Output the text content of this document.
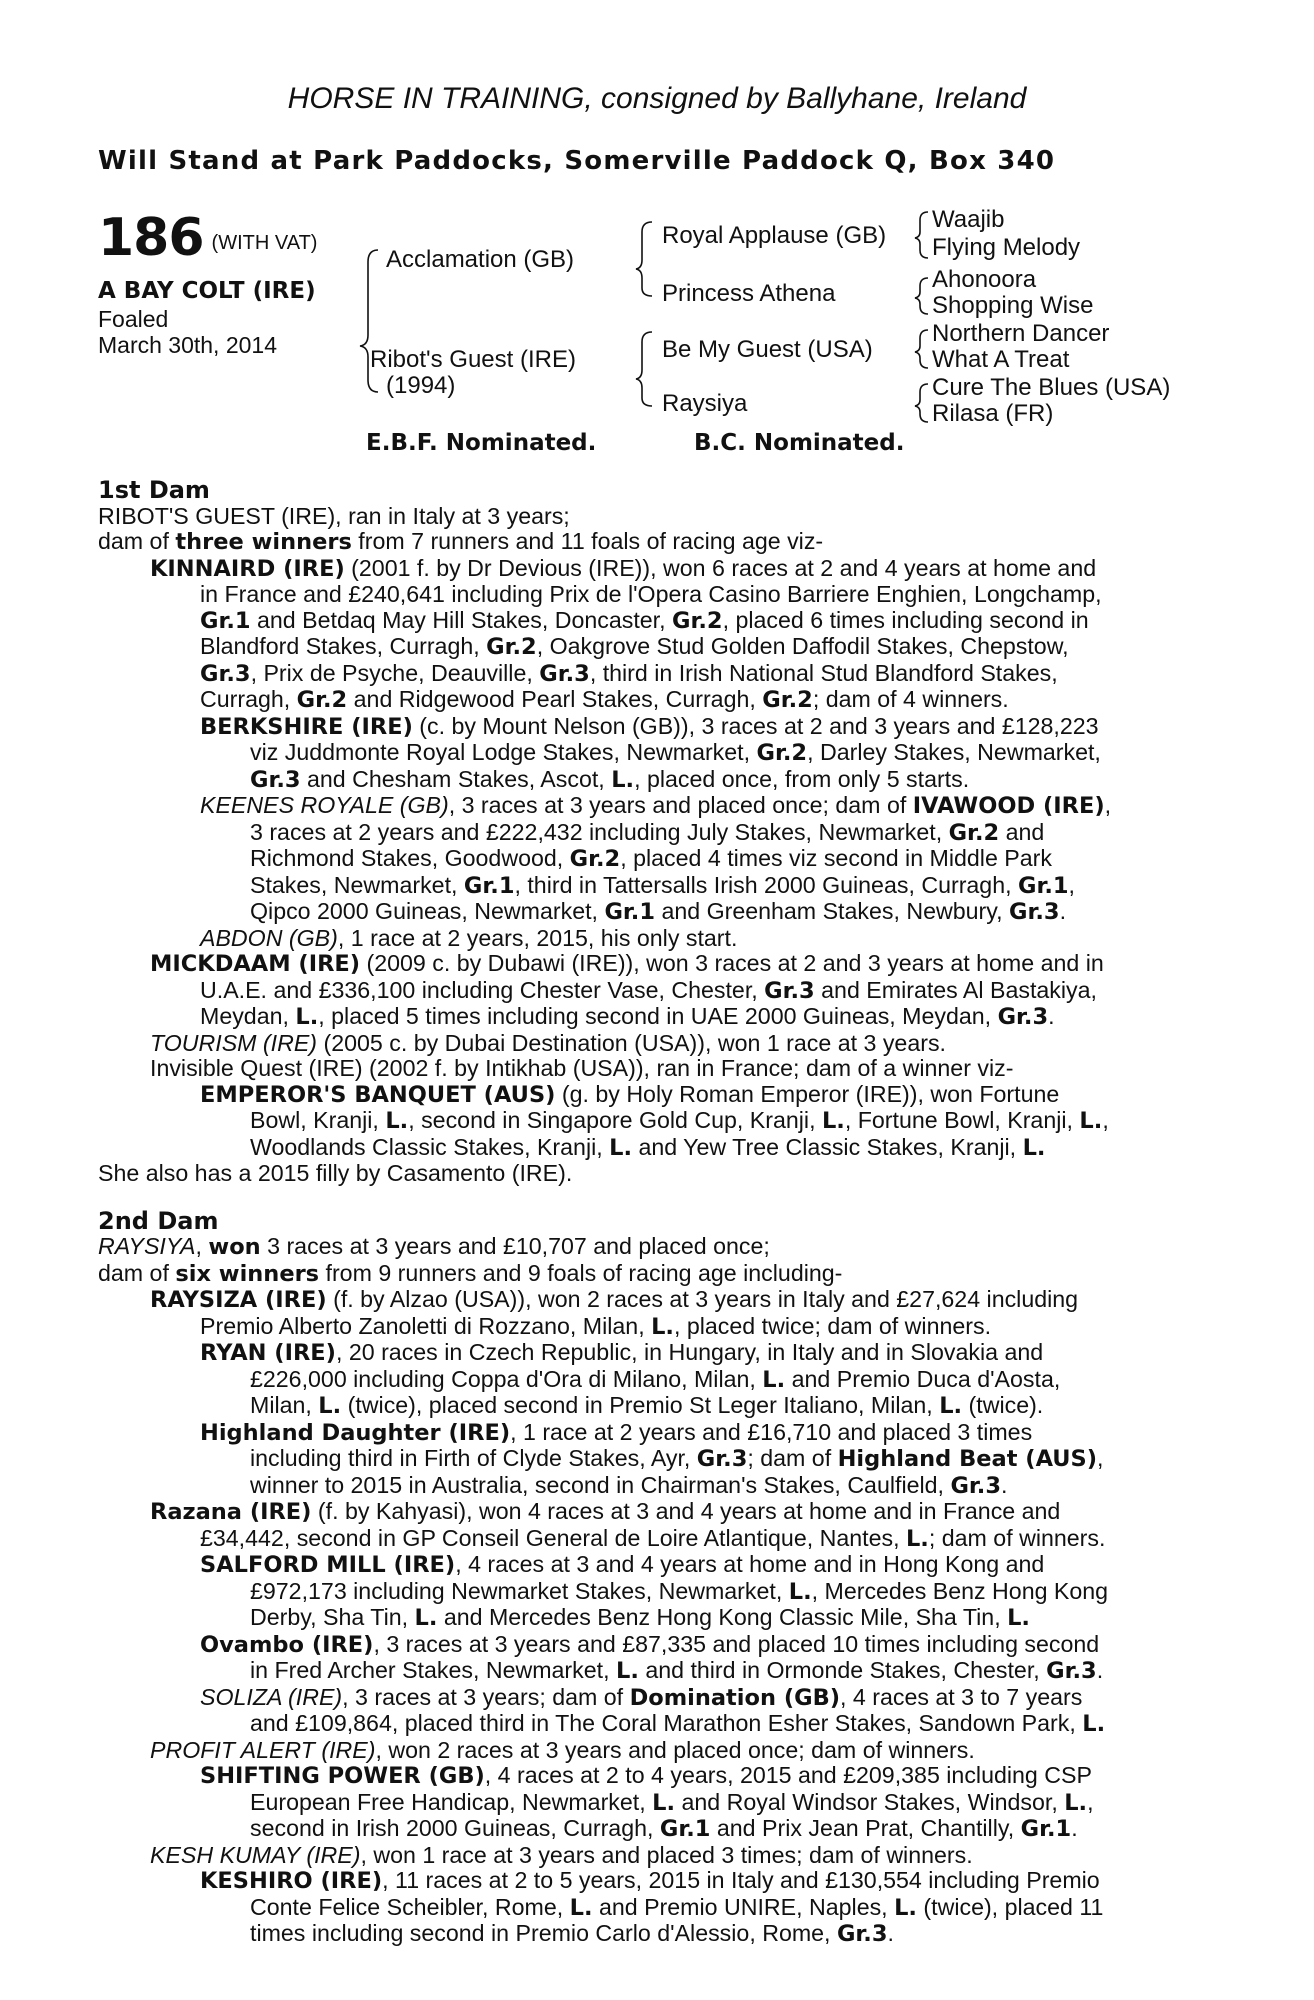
HORSE IN TRAINING, consigned by Ballyhane, Ireland
Will Stand at Park Paddocks, Somerville Paddock Q, Box 340
186 (WITH VAT)
A BAY COLT (IRE)
Foaled
March 30th, 2014
Acclamation (GB)
Ribot's Guest (IRE)
(1994)
Royal Applause (GB)
Princess Athena
Be My Guest (USA)
Raysiya
Waajib
Flying Melody
Ahonoora
Shopping Wise
Northern Dancer
What A Treat
Cure The Blues (USA)
Rilasa (FR)
E.B.F. Nominated.	B.C. Nominated.
1st Dam
RIBOT'S GUEST (IRE), ran in Italy at 3 years;
dam of three winners from 7 runners and 11 foals of racing age viz-
KINNAIRD (IRE) (2001 f. by Dr Devious (IRE)), won 6 races at 2 and 4 years at home and
in France and £240,641 including Prix de l'Opera Casino Barriere Enghien, Longchamp,
Gr.1 and Betdaq May Hill Stakes, Doncaster, Gr.2, placed 6 times including second in
Blandford Stakes, Curragh, Gr.2, Oakgrove Stud Golden Daffodil Stakes, Chepstow,
Gr.3, Prix de Psyche, Deauville, Gr.3, third in Irish National Stud Blandford Stakes,
Curragh, Gr.2 and Ridgewood Pearl Stakes, Curragh, Gr.2; dam of 4 winners.
BERKSHIRE (IRE) (c. by Mount Nelson (GB)), 3 races at 2 and 3 years and £128,223
viz Juddmonte Royal Lodge Stakes, Newmarket, Gr.2, Darley Stakes, Newmarket,
Gr.3 and Chesham Stakes, Ascot, L., placed once, from only 5 starts.
KEENES ROYALE (GB), 3 races at 3 years and placed once; dam of IVAWOOD (IRE),
3 races at 2 years and £222,432 including July Stakes, Newmarket, Gr.2 and
Richmond Stakes, Goodwood, Gr.2, placed 4 times viz second in Middle Park
Stakes, Newmarket, Gr.1, third in Tattersalls Irish 2000 Guineas, Curragh, Gr.1,
Qipco 2000 Guineas, Newmarket, Gr.1 and Greenham Stakes, Newbury, Gr.3.
ABDON (GB), 1 race at 2 years, 2015, his only start.
MICKDAAM (IRE) (2009 c. by Dubawi (IRE)), won 3 races at 2 and 3 years at home and in
U.A.E. and £336,100 including Chester Vase, Chester, Gr.3 and Emirates Al Bastakiya,
Meydan, L., placed 5 times including second in UAE 2000 Guineas, Meydan, Gr.3.
TOURISM (IRE) (2005 c. by Dubai Destination (USA)), won 1 race at 3 years.
Invisible Quest (IRE) (2002 f. by Intikhab (USA)), ran in France; dam of a winner viz-
EMPEROR'S BANQUET (AUS) (g. by Holy Roman Emperor (IRE)), won Fortune
Bowl, Kranji, L., second in Singapore Gold Cup, Kranji, L., Fortune Bowl, Kranji, L.,
Woodlands Classic Stakes, Kranji, L. and Yew Tree Classic Stakes, Kranji, L.
She also has a 2015 filly by Casamento (IRE).
2nd Dam
RAYSIYA, won 3 races at 3 years and £10,707 and placed once;
dam of six winners from 9 runners and 9 foals of racing age including-
RAYSIZA (IRE) (f. by Alzao (USA)), won 2 races at 3 years in Italy and £27,624 including
Premio Alberto Zanoletti di Rozzano, Milan, L., placed twice; dam of winners.
RYAN (IRE), 20 races in Czech Republic, in Hungary, in Italy and in Slovakia and
£226,000 including Coppa d'Ora di Milano, Milan, L. and Premio Duca d'Aosta,
Milan, L. (twice), placed second in Premio St Leger Italiano, Milan, L. (twice).
Highland Daughter (IRE), 1 race at 2 years and £16,710 and placed 3 times
including third in Firth of Clyde Stakes, Ayr, Gr.3; dam of Highland Beat (AUS),
winner to 2015 in Australia, second in Chairman's Stakes, Caulfield, Gr.3.
Razana (IRE) (f. by Kahyasi), won 4 races at 3 and 4 years at home and in France and
£34,442, second in GP Conseil General de Loire Atlantique, Nantes, L.; dam of winners.
SALFORD MILL (IRE), 4 races at 3 and 4 years at home and in Hong Kong and
£972,173 including Newmarket Stakes, Newmarket, L., Mercedes Benz Hong Kong
Derby, Sha Tin, L. and Mercedes Benz Hong Kong Classic Mile, Sha Tin, L.
Ovambo (IRE), 3 races at 3 years and £87,335 and placed 10 times including second
in Fred Archer Stakes, Newmarket, L. and third in Ormonde Stakes, Chester, Gr.3.
SOLIZA (IRE), 3 races at 3 years; dam of Domination (GB), 4 races at 3 to 7 years
and £109,864, placed third in The Coral Marathon Esher Stakes, Sandown Park, L.
PROFIT ALERT (IRE), won 2 races at 3 years and placed once; dam of winners.
SHIFTING POWER (GB), 4 races at 2 to 4 years, 2015 and £209,385 including CSP
European Free Handicap, Newmarket, L. and Royal Windsor Stakes, Windsor, L.,
second in Irish 2000 Guineas, Curragh, Gr.1 and Prix Jean Prat, Chantilly, Gr.1.
KESH KUMAY (IRE), won 1 race at 3 years and placed 3 times; dam of winners.
KESHIRO (IRE), 11 races at 2 to 5 years, 2015 in Italy and £130,554 including Premio
Conte Felice Scheibler, Rome, L. and Premio UNIRE, Naples, L. (twice), placed 11
times including second in Premio Carlo d'Alessio, Rome, Gr.3.
